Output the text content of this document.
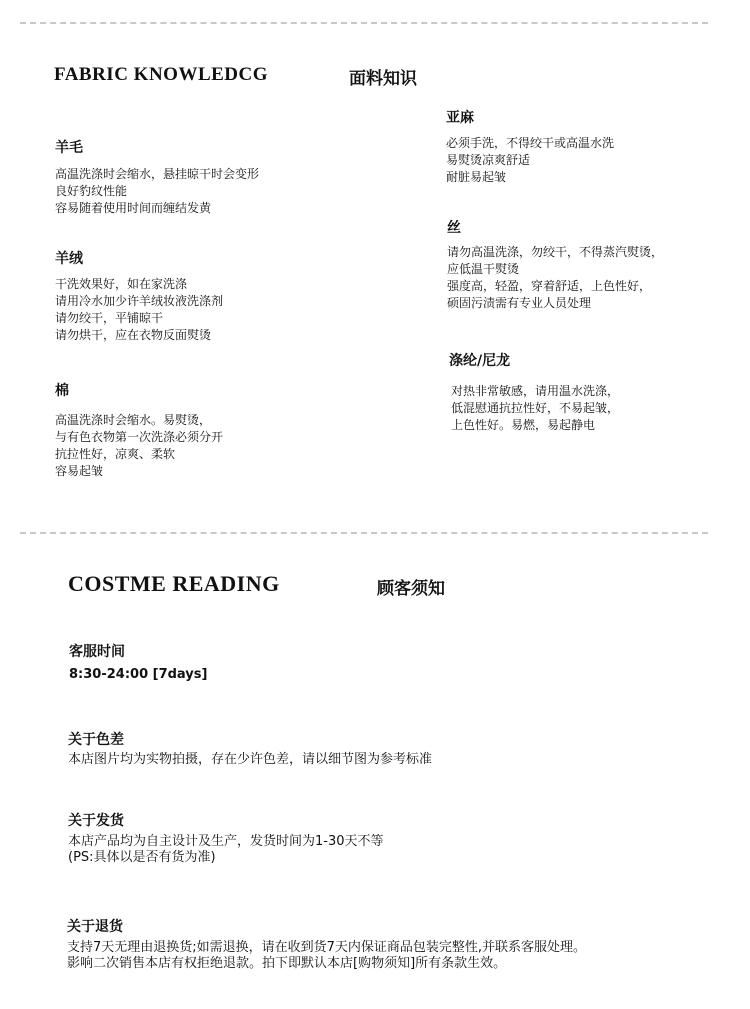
FABRIC KNOWLEDCG	面料知识
羊毛
高温洗涤时会缩水，悬挂晾干时会变形
良好豹纹性能
容易随着使用时间而缠结发黄
羊绒
干洗效果好，如在家洗涤
请用冷水加少许羊绒妆液洗涤剂
请勿绞干，平铺晾干
请勿烘干，应在衣物反面熨烫
棉
高温洗涤时会缩水。易熨烫，
与有色衣物第一次洗涤必须分开
抗拉性好，凉爽、柔软
容易起皱
亚麻
必须手洗，不得绞干或高温水洗
易熨烫凉爽舒适
耐脏易起皱
丝
请勿高温洗涤，勿绞干，不得蒸汽熨烫，
应低温干熨烫
强度高，轻盈，穿着舒适，上色性好，
硕固污渍需有专业人员处理
涤纶/尼龙
对热非常敏感，请用温水洗涤，
低混慰通抗拉性好，不易起皱，
上色性好。易燃，易起静电
COSTME READING	顾客须知
客服时间
8:30-24:00 [7days]
关于色差
本店图片均为实物拍摄，存在少许色差，请以细节图为参考标准
关于发货
本店产品均为自主设计及生产，发货时间为1-30天不等
(PS:具体以是否有货为准)
关于退货
支持7天无理由退换货;如需退换，请在收到货7天内保证商品包装完整性,并联系客服处理。
影响二次销售本店有权拒绝退款。拍下即默认本店[购物须知]所有条款生效。
